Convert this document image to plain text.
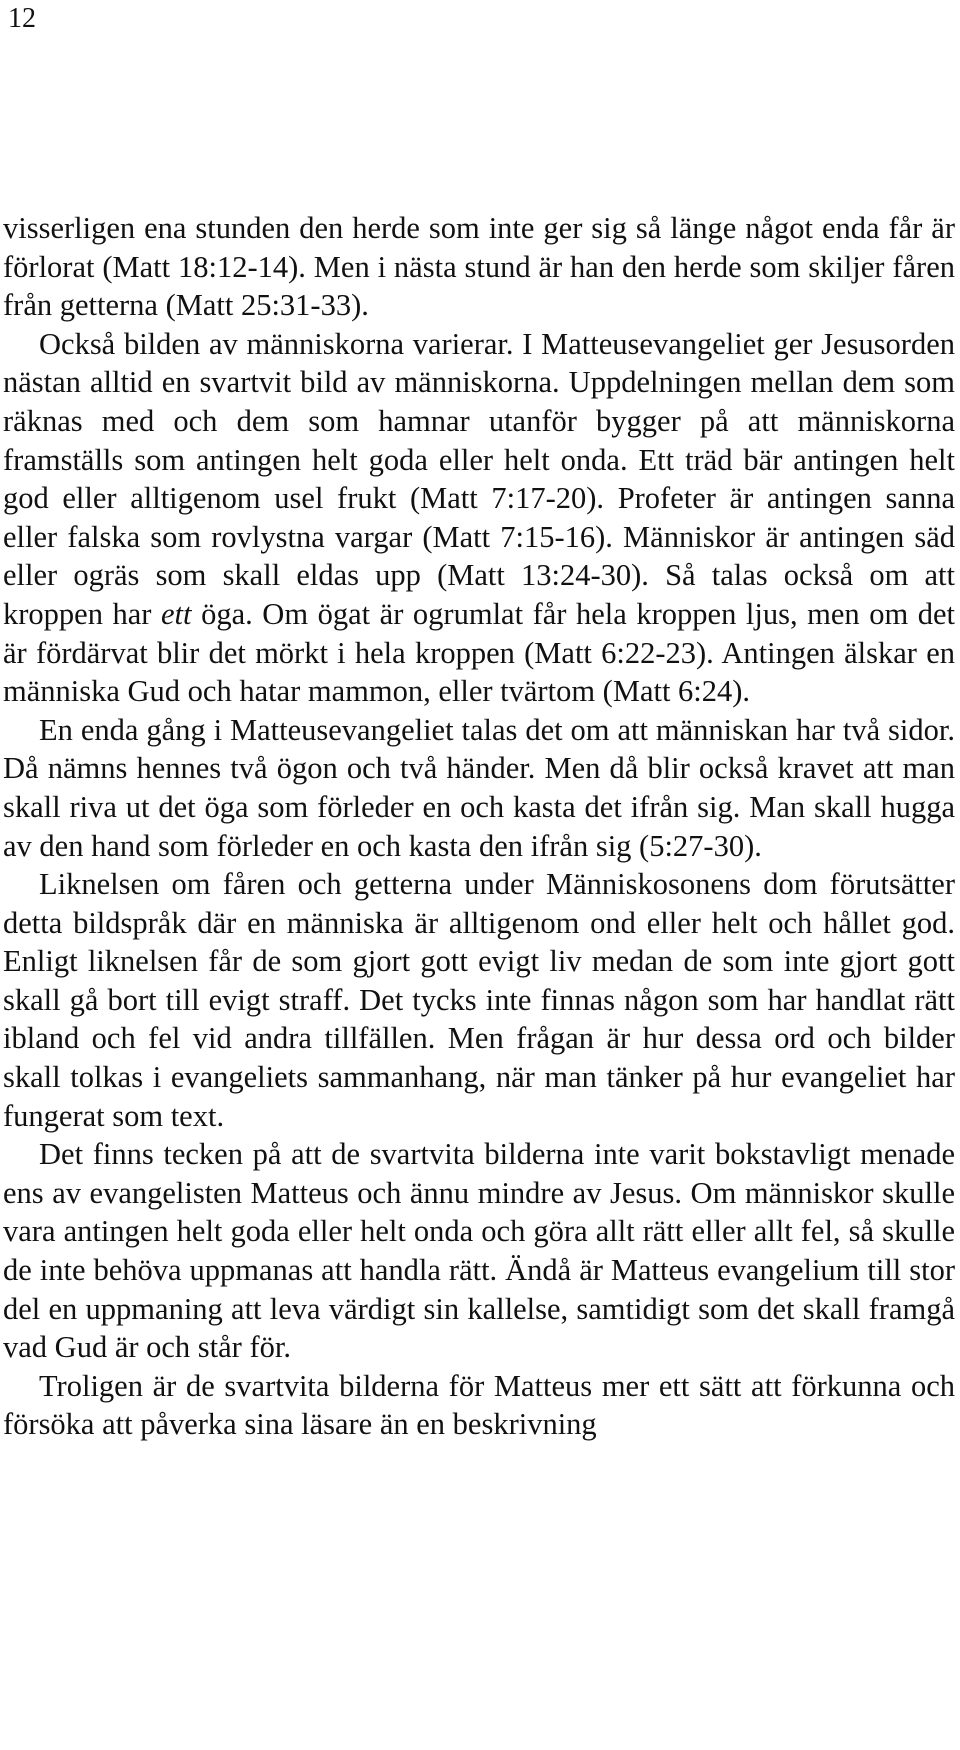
12

visserligen ena stunden den herde som inte ger sig så länge något enda får är förlorat (Matt 18:12-14). Men i nästa stund är han den herde som skiljer fåren från getterna (Matt 25:31-33).

Också bilden av människorna varierar. I Matteusevangeliet ger Jesusorden nästan alltid en svartvit bild av människorna. Uppdelningen mellan dem som räknas med och dem som hamnar utanför bygger på att människorna framställs som antingen helt goda eller helt onda. Ett träd bär antingen helt god eller alltigenom usel frukt (Matt 7:17-20). Profeter är antingen sanna eller falska som rovlystna vargar (Matt 7:15-16). Människor är antingen säd eller ogräs som skall eldas upp (Matt 13:24-30). Så talas också om att kroppen har ett öga. Om ögat är ogrumlat får hela kroppen ljus, men om det är fördärvat blir det mörkt i hela kroppen (Matt 6:22-23). Antingen älskar en människa Gud och hatar mammon, eller tvärtom (Matt 6:24).

En enda gång i Matteusevangeliet talas det om att människan har två sidor. Då nämns hennes två ögon och två händer. Men då blir också kravet att man skall riva ut det öga som förleder en och kasta det ifrån sig. Man skall hugga av den hand som förleder en och kasta den ifrån sig (5:27-30).

Liknelsen om fåren och getterna under Människosonens dom förutsätter detta bildspråk där en människa är alltigenom ond eller helt och hållet god. Enligt liknelsen får de som gjort gott evigt liv medan de som inte gjort gott skall gå bort till evigt straff. Det tycks inte finnas någon som har handlat rätt ibland och fel vid andra tillfällen. Men frågan är hur dessa ord och bilder skall tolkas i evangeliets sammanhang, när man tänker på hur evangeliet har fungerat som text.

Det finns tecken på att de svartvita bilderna inte varit bokstavligt menade ens av evangelisten Matteus och ännu mindre av Jesus. Om människor skulle vara antingen helt goda eller helt onda och göra allt rätt eller allt fel, så skulle de inte behöva uppmanas att handla rätt. Ändå är Matteus evangelium till stor del en uppmaning att leva värdigt sin kallelse, samtidigt som det skall framgå vad Gud är och står för.

Troligen är de svartvita bilderna för Matteus mer ett sätt att förkunna och försöka att påverka sina läsare än en beskrivning
